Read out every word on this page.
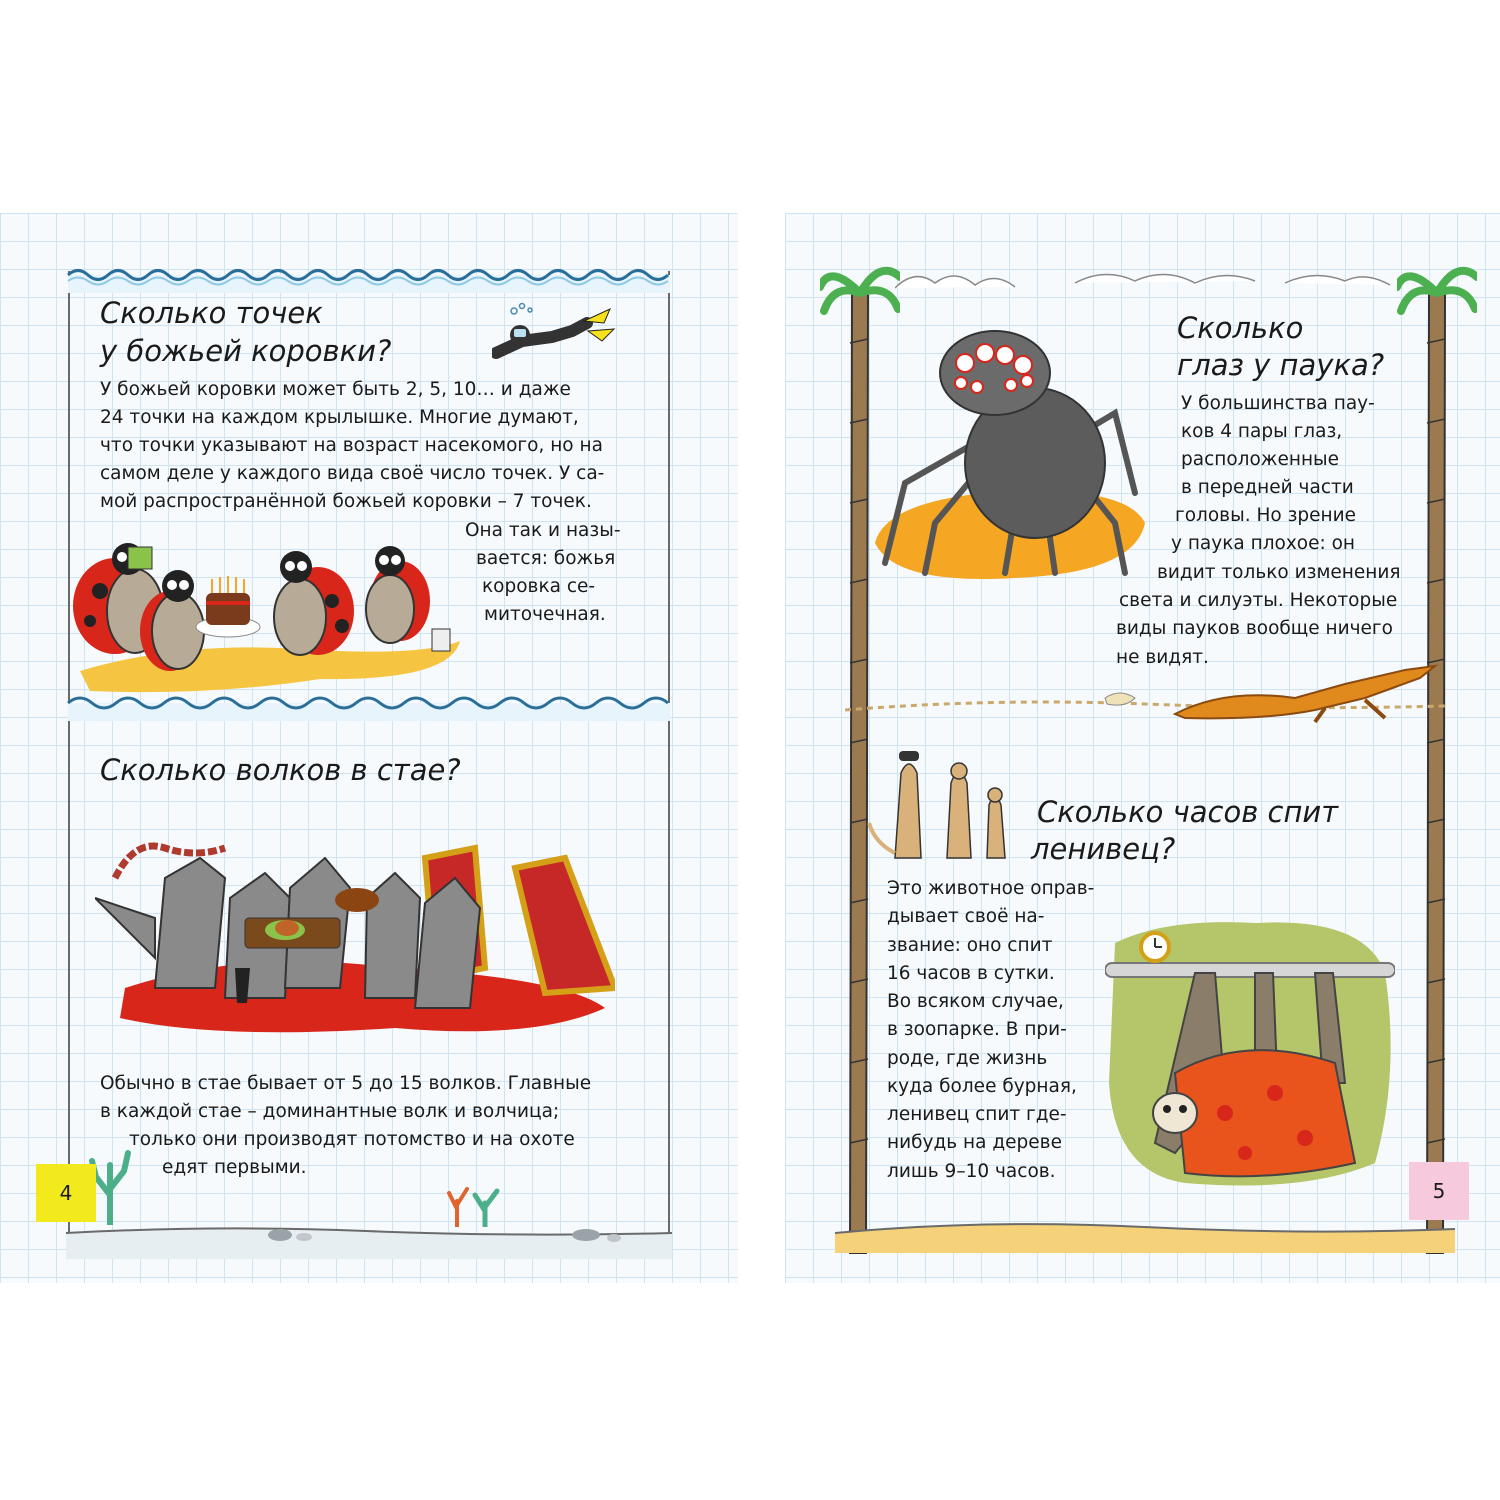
Сколько точек
у божьей коровки?

У божьей коровки может быть 2, 5, 10… и даже

24 точки на каждом крылышке. Многие думают,

что точки указывают на возраст насекомого, но на

самом деле у каждого вида своё число точек. У са-

мой распространённой божьей коровки – 7 точек.

Она так и назы-

вается: божья

коровка се-

миточечная.

Сколько волков в стае?

Обычно в стае бывает от 5 до 15 волков. Главные

в каждой стае – доминантные волк и волчица;

только они производят потомство и на охоте

едят первыми.

4
Сколько
глаз у паука?

У большинства пау-

ков 4 пары глаз,

расположенные

в передней части

головы. Но зрение

у паука плохое: он

видит только изменения

света и силуэты. Некоторые

виды пауков вообще ничего

не видят.

Сколько часов спит
ленивец?

Это животное оправ-

дывает своё на-

звание: оно спит

16 часов в сутки.

Во всяком случае,

в зоопарке. В при-

роде, где жизнь

куда более бурная,

ленивец спит где-

нибудь на дереве

лишь 9–10 часов.

5
